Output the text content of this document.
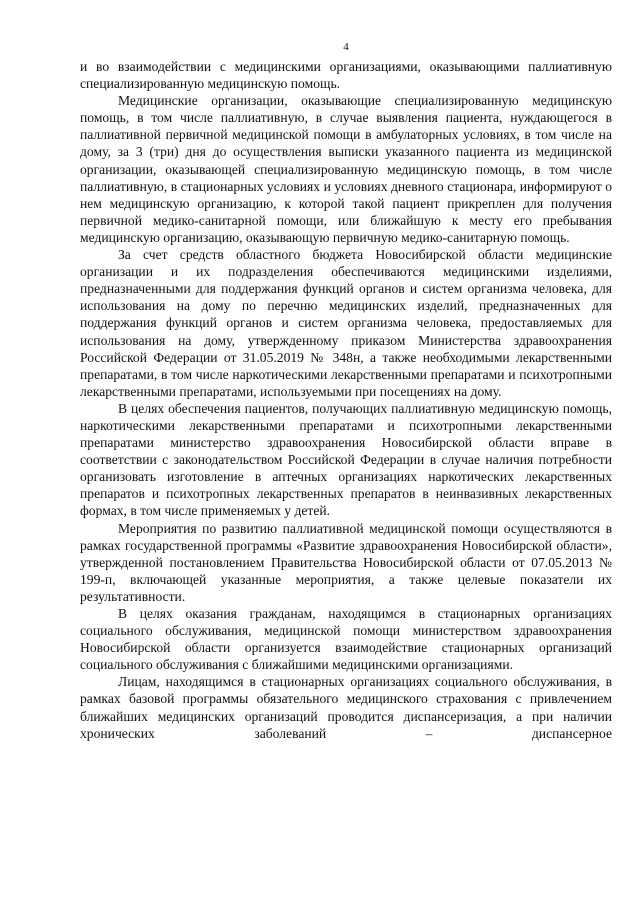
4

и во взаимодействии с медицинскими организациями, оказывающими паллиативную специализированную медицинскую помощь.

Медицинские организации, оказывающие специализированную медицинскую помощь, в том числе паллиативную, в случае выявления пациента, нуждающегося в паллиативной первичной медицинской помощи в амбулаторных условиях, в том числе на дому, за 3 (три) дня до осуществления выписки указанного пациента из медицинской организации, оказывающей специализированную медицинскую помощь, в том числе паллиативную, в стационарных условиях и условиях дневного стационара, информируют о нем медицинскую организацию, к которой такой пациент прикреплен для получения первичной медико-санитарной помощи, или ближайшую к месту его пребывания медицинскую организацию, оказывающую первичную медико-санитарную помощь.

За счет средств областного бюджета Новосибирской области медицинские организации и их подразделения обеспечиваются медицинскими изделиями, предназначенными для поддержания функций органов и систем организма человека, для использования на дому по перечню медицинских изделий, предназначенных для поддержания функций органов и систем организма человека, предоставляемых для использования на дому, утвержденному приказом Министерства здравоохранения Российской Федерации от 31.05.2019 № 348н, а также необходимыми лекарственными препаратами, в том числе наркотическими лекарственными препаратами и психотропными лекарственными препаратами, используемыми при посещениях на дому.

В целях обеспечения пациентов, получающих паллиативную медицинскую помощь, наркотическими лекарственными препаратами и психотропными лекарственными препаратами министерство здравоохранения Новосибирской области вправе в соответствии с законодательством Российской Федерации в случае наличия потребности организовать изготовление в аптечных организациях наркотических лекарственных препаратов и психотропных лекарственных препаратов в неинвазивных лекарственных формах, в том числе применяемых у детей.

Мероприятия по развитию паллиативной медицинской помощи осуществляются в рамках государственной программы «Развитие здравоохранения Новосибирской области», утвержденной постановлением Правительства Новосибирской области от 07.05.2013 № 199-п, включающей указанные мероприятия, а также целевые показатели их результативности.

В целях оказания гражданам, находящимся в стационарных организациях социального обслуживания, медицинской помощи министерством здравоохранения Новосибирской области организуется взаимодействие стационарных организаций социального обслуживания с ближайшими медицинскими организациями.

Лицам, находящимся в стационарных организациях социального обслуживания, в рамках базовой программы обязательного медицинского страхования с привлечением ближайших медицинских организаций проводится диспансеризация, а при наличии хронических заболеваний – диспансерное
